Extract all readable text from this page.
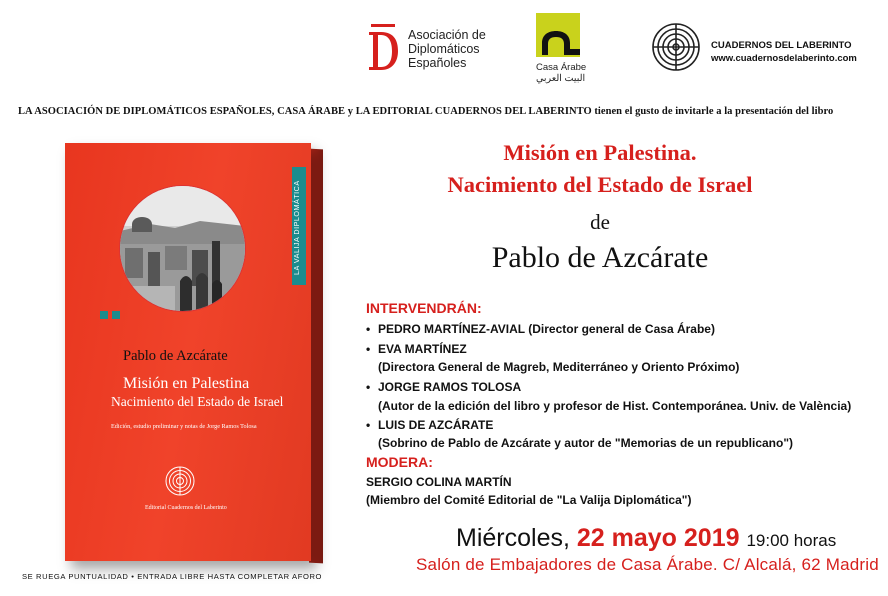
Asociación de
Diplomáticos
Españoles	Casa Árabe
البيت العربي
CUADERNOS DEL LABERINTO
www.cuadernosdelaberinto.com
LA ASOCIACIÓN DE DIPLOMÁTICOS ESPAÑOLES, CASA ÁRABE y LA EDITORIAL CUADERNOS DEL LABERINTO tienen el gusto de invitarle a la presentación del libro
LA VALIJA DIPLOMÁTICA
Pablo de Azcárate
Misión en Palestina
Nacimiento del Estado de Israel
Edición, estudio preliminar y notas de Jorge Ramos Tolosa
Editorial Cuadernos del Laberinto
SE RUEGA PUNTUALIDAD • ENTRADA LIBRE HASTA COMPLETAR AFORO
Misión en Palestina.
Nacimiento del Estado de Israel
de
Pablo de Azcárate
INTERVENDRÁN:
• PEDRO MARTÍNEZ-AVIAL (Director general de Casa Árabe)
• EVA MARTÍNEZ
(Directora General de Magreb, Mediterráneo y Oriento Próximo)
• JORGE RAMOS TOLOSA
(Autor de la edición del libro y profesor de Hist. Contemporánea. Univ. de València)
• LUIS DE AZCÁRATE
(Sobrino de Pablo de Azcárate y autor de "Memorias de un republicano")
MODERA:
SERGIO COLINA MARTÍN
(Miembro del Comité Editorial de "La Valija Diplomática")
Miércoles, 22 mayo 2019 19:00 horas
Salón de Embajadores de Casa Árabe. C/ Alcalá, 62 Madrid
